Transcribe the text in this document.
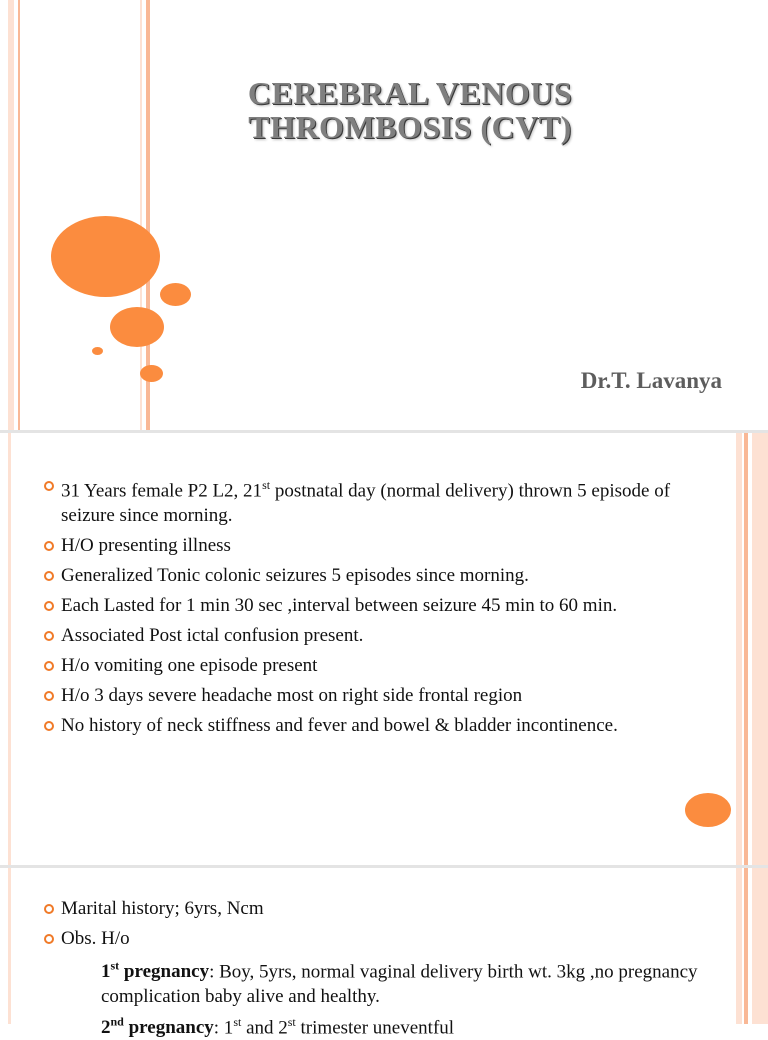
CEREBRAL VENOUS
THROMBOSIS (CVT)
Dr.T. Lavanya
31 Years female P2 L2, 21st postnatal day (normal delivery) thrown 5 episode of seizure since morning.
H/O presenting illness
Generalized Tonic colonic seizures 5 episodes since morning.
Each Lasted for 1 min 30 sec ,interval between seizure 45 min to 60 min.
Associated Post ictal confusion present.
H/o vomiting one episode present
H/o 3 days severe headache most on right side frontal region
No history of neck stiffness and fever and bowel & bladder incontinence.
Marital history; 6yrs, Ncm
Obs. H/o
1st pregnancy: Boy, 5yrs, normal vaginal delivery birth wt. 3kg ,no pregnancy complication baby alive and healthy.
2nd pregnancy: 1st and 2st trimester uneventful
